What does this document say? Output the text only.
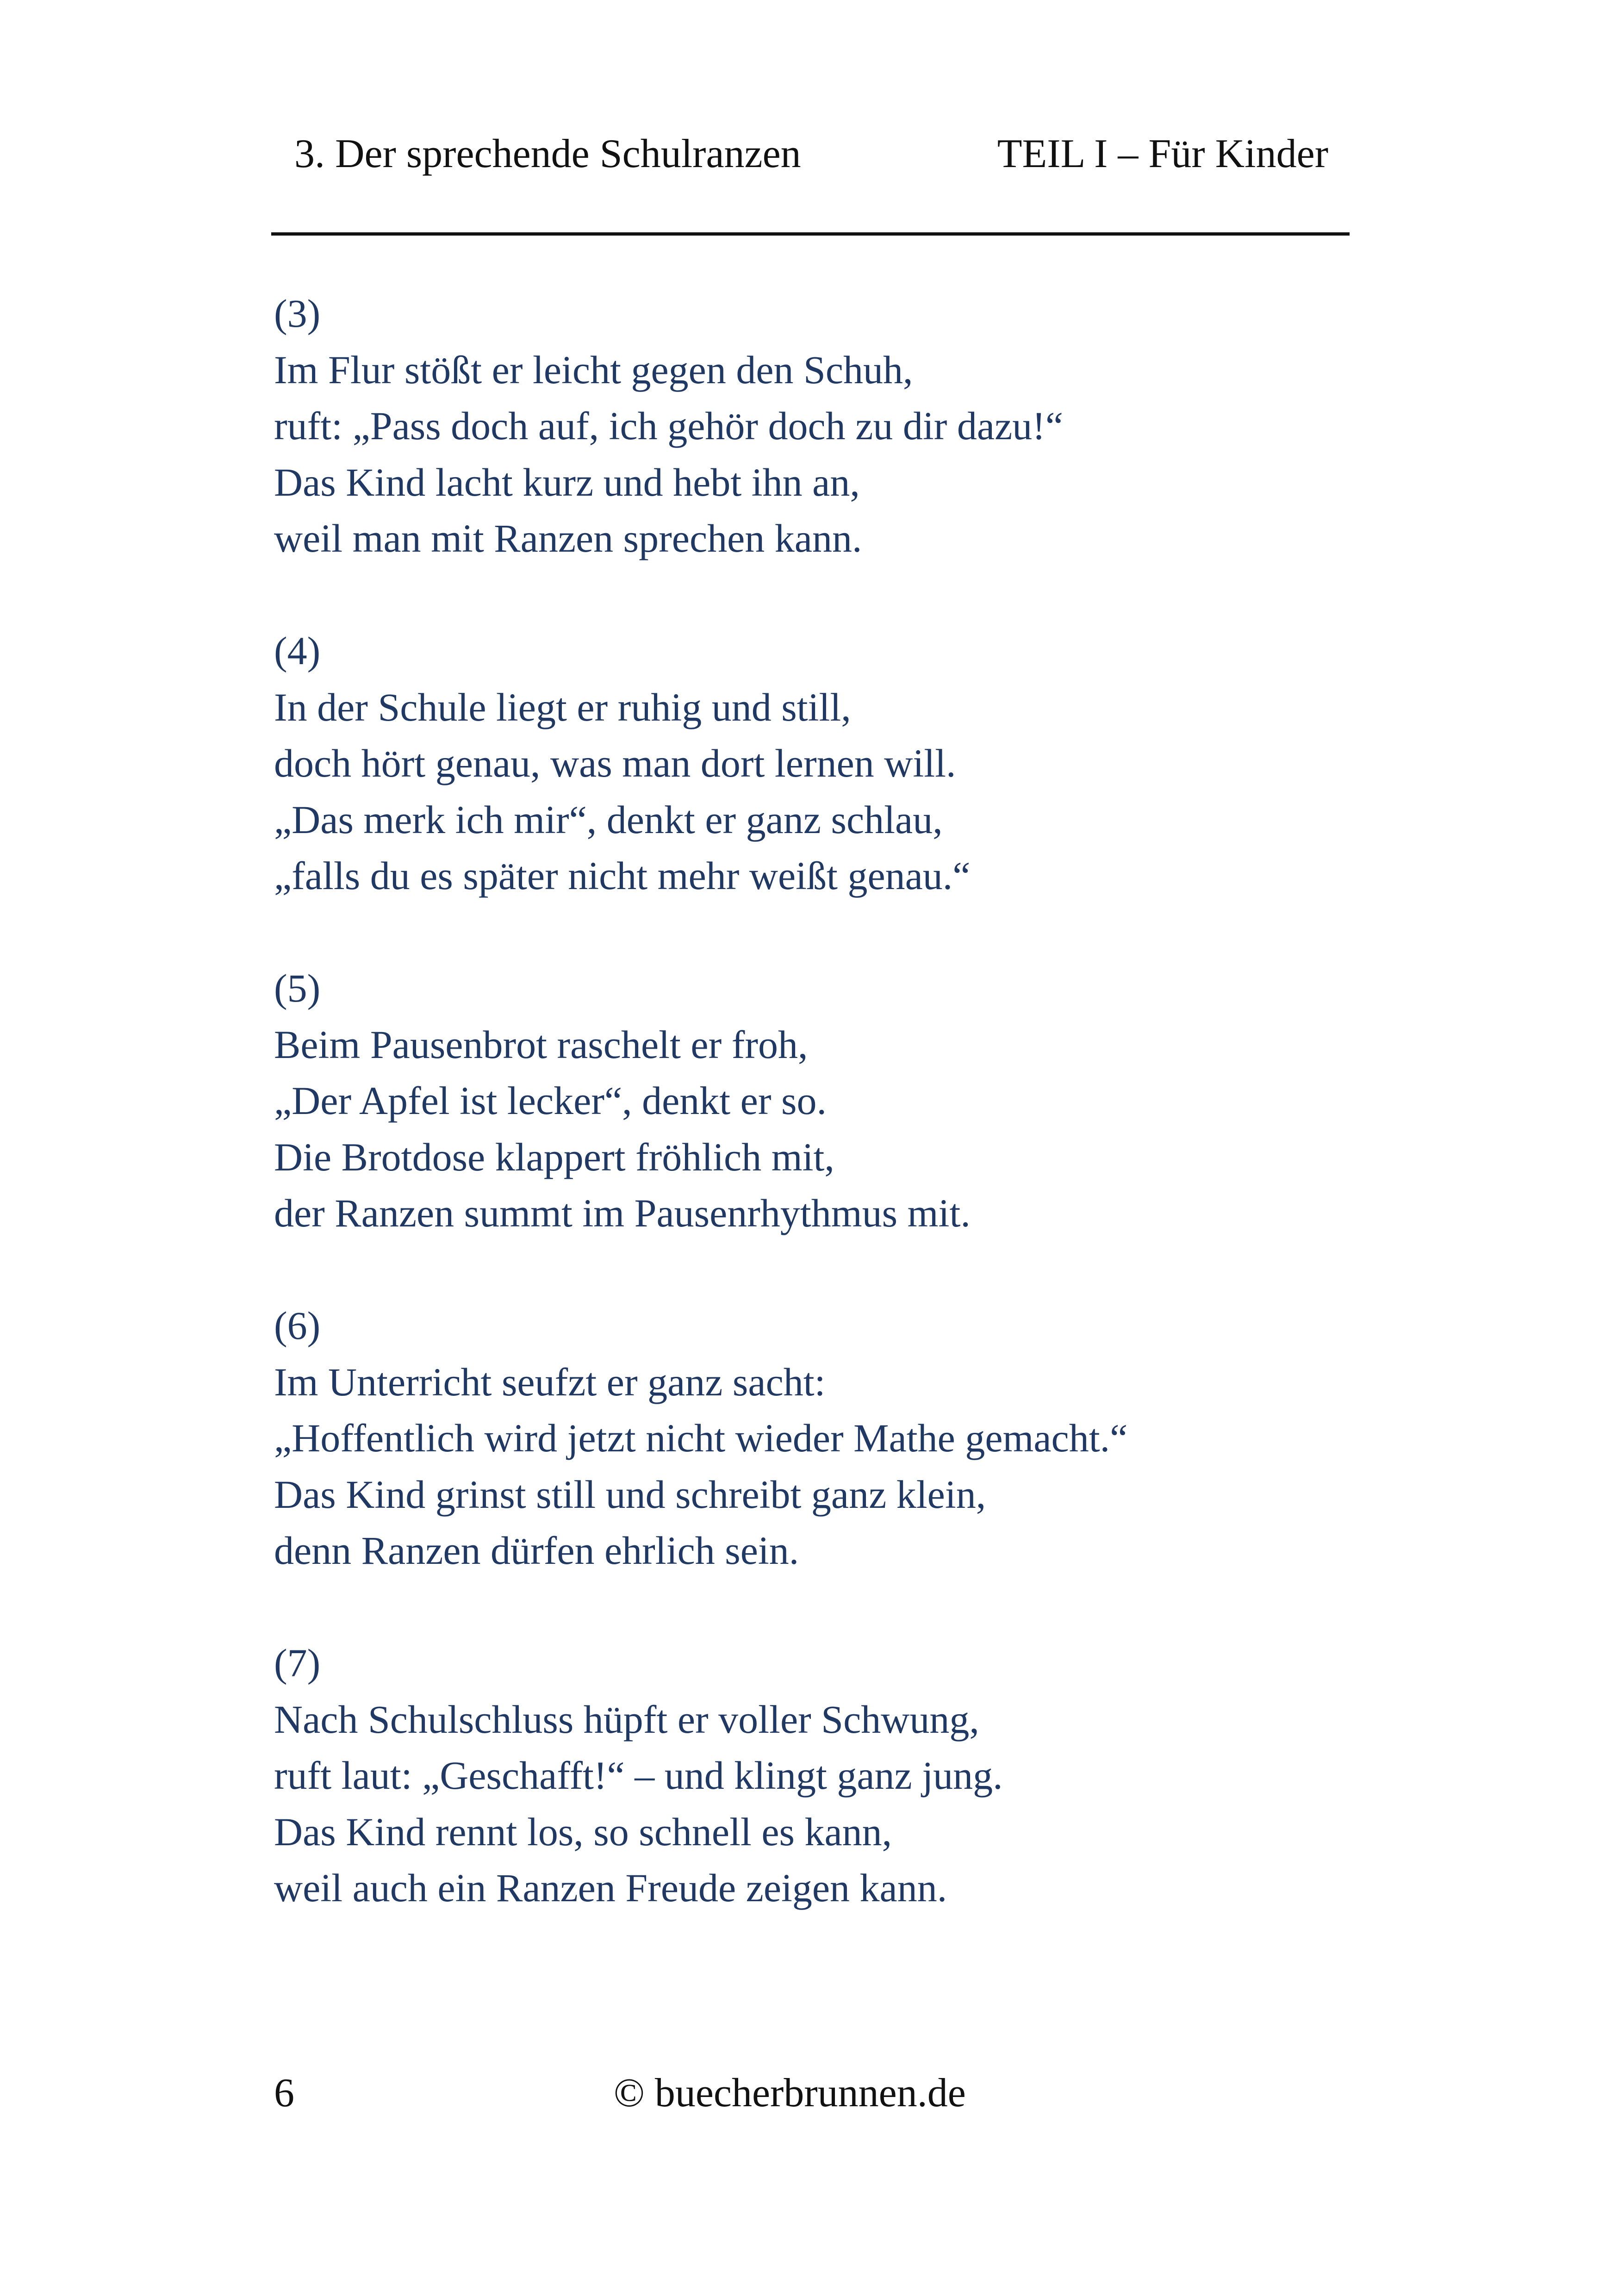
3. Der sprechende Schulranzen	TEIL I – Für Kinder
(3)
Im Flur stößt er leicht gegen den Schuh,
ruft: „Pass doch auf, ich gehör doch zu dir dazu!“
Das Kind lacht kurz und hebt ihn an,
weil man mit Ranzen sprechen kann.
(4)
In der Schule liegt er ruhig und still,
doch hört genau, was man dort lernen will.
„Das merk ich mir“, denkt er ganz schlau,
„falls du es später nicht mehr weißt genau.“
(5)
Beim Pausenbrot raschelt er froh,
„Der Apfel ist lecker“, denkt er so.
Die Brotdose klappert fröhlich mit,
der Ranzen summt im Pausenrhythmus mit.
(6)
Im Unterricht seufzt er ganz sacht:
„Hoffentlich wird jetzt nicht wieder Mathe gemacht.“
Das Kind grinst still und schreibt ganz klein,
denn Ranzen dürfen ehrlich sein.
(7)
Nach Schulschluss hüpft er voller Schwung,
ruft laut: „Geschafft!“ – und klingt ganz jung.
Das Kind rennt los, so schnell es kann,
weil auch ein Ranzen Freude zeigen kann.
6	© buecherbrunnen.de
